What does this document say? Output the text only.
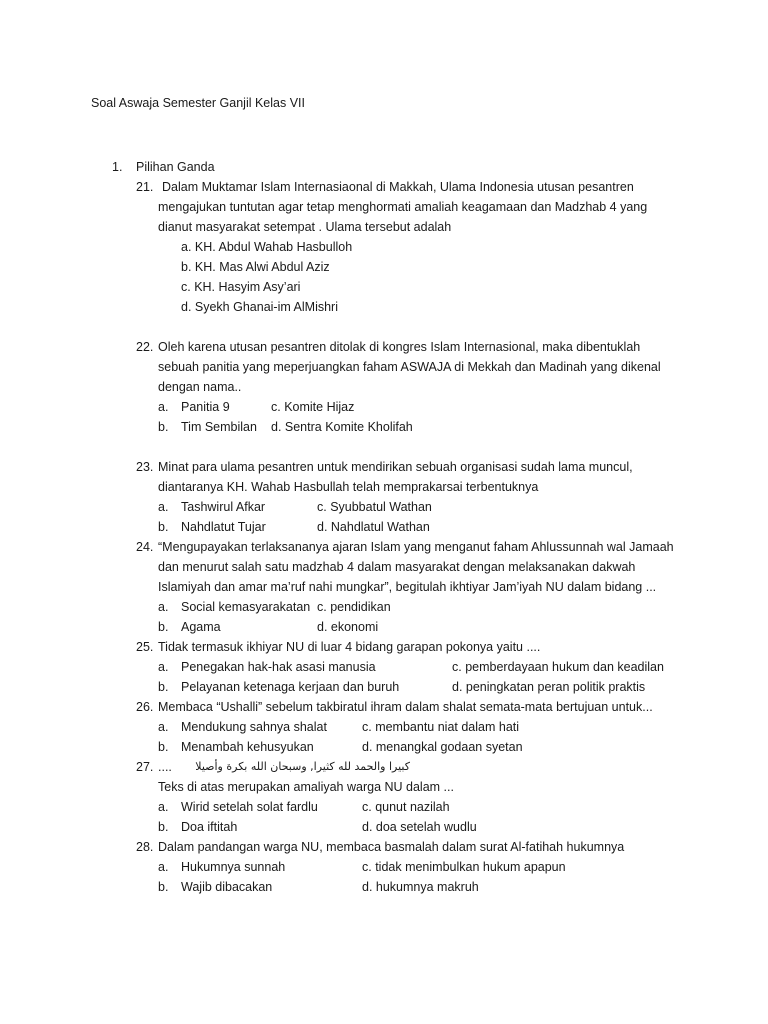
Soal Aswaja Semester Ganjil Kelas VII
1. Pilihan Ganda
21. Dalam Muktamar Islam Internasiaonal di Makkah, Ulama Indonesia utusan pesantren
mengajukan tuntutan agar tetap menghormati amaliah keagamaan dan Madzhab 4 yang
dianut masyarakat setempat . Ulama tersebut adalah
a. KH. Abdul Wahab Hasbulloh
b. KH. Mas Alwi Abdul Aziz
c. KH. Hasyim Asy’ari
d. Syekh Ghanai-im AlMishri
22. Oleh karena utusan pesantren ditolak di kongres Islam Internasional, maka dibentuklah
sebuah panitia yang meperjuangkan faham ASWAJA di Mekkah dan Madinah yang dikenal
dengan nama..
a. Panitia 9	c. Komite Hijaz
b. Tim Sembilan d. Sentra Komite Kholifah
23. Minat para ulama pesantren untuk mendirikan sebuah organisasi sudah lama muncul,
diantaranya KH. Wahab Hasbullah telah memprakarsai terbentuknya
a. Tashwirul Afkar	c. Syubbatul Wathan
b. Nahdlatut Tujar	d. Nahdlatul Wathan
24. “Mengupayakan terlaksananya ajaran Islam yang menganut faham Ahlussunnah wal Jamaah
dan menurut salah satu madzhab 4 dalam masyarakat dengan melaksanakan dakwah
Islamiyah dan amar ma’ruf nahi mungkar”, begitulah ikhtiyar Jam’iyah NU dalam bidang ...
a. Social kemasyarakatan c. pendidikan
b. Agama	d. ekonomi
25. Tidak termasuk ikhiyar NU di luar 4 bidang garapan pokonya yaitu ....
a. Penegakan hak-hak asasi manusia	c. pemberdayaan hukum dan keadilan
b. Pelayanan ketenaga kerjaan dan buruh	d. peningkatan peran politik praktis
26. Membaca “Ushalli” sebelum takbiratul ihram dalam shalat semata-mata bertujuan untuk...
a. Mendukung sahnya shalat	c. membantu niat dalam hati
b. Menambah kehusyukan	d. menangkal godaan syetan
27. ....	كبيرا والحمد لله كثيرا, وسبحان الله بكرة وأصيلا
Teks di atas merupakan amaliyah warga NU dalam ...
a. Wirid setelah solat fardlu	c. qunut nazilah
b. Doa iftitah	d. doa setelah wudlu
28. Dalam pandangan warga NU, membaca basmalah dalam surat Al-fatihah hukumnya
a. Hukumnya sunnah	c. tidak menimbulkan hukum apapun
b. Wajib dibacakan	d. hukumnya makruh
